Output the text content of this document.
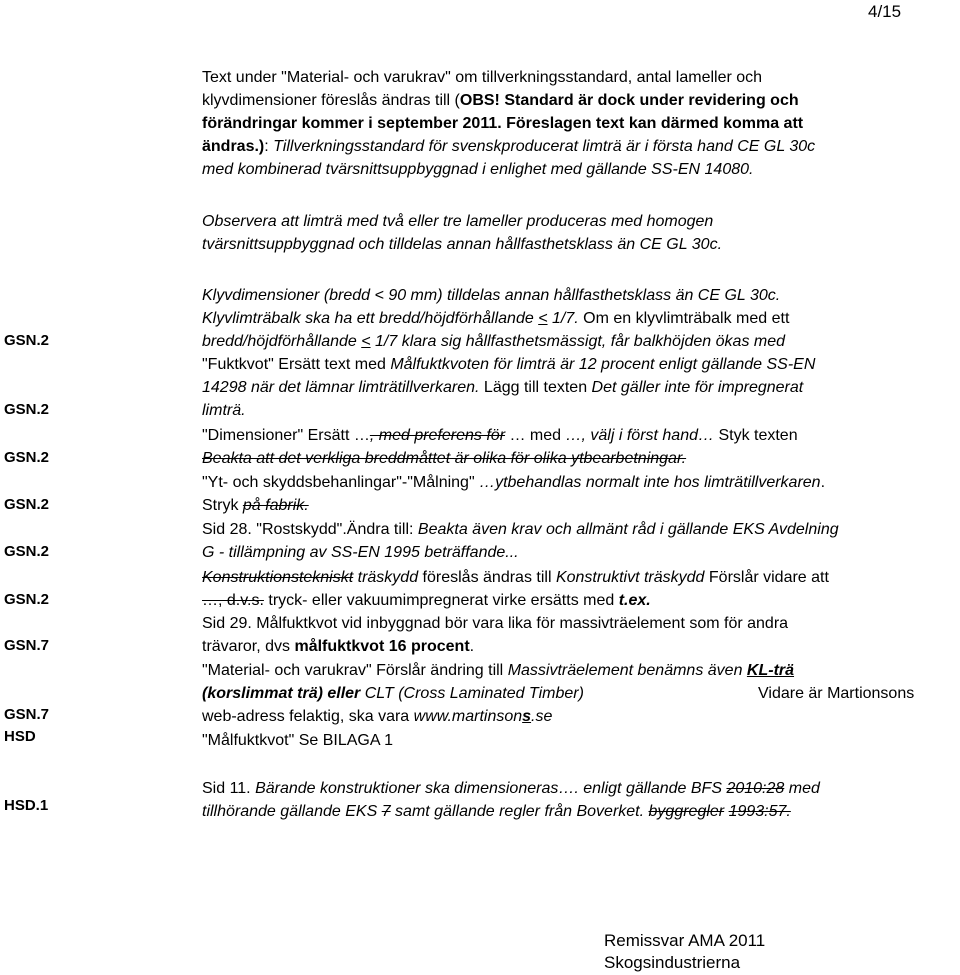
4/15
GSN.2
GSN.2
GSN.2
GSN.2
GSN.2
GSN.2
GSN.7
GSN.7
HSD
HSD.1
Text under "Material- och varukrav" om tillverkningsstandard, antal lameller och
klyvdimensioner föreslås ändras till (OBS! Standard är dock under revidering och
förändringar kommer i september 2011. Föreslagen text kan därmed komma att
ändras.): Tillverkningsstandard för svenskproducerat limträ är i första hand CE GL 30c
med kombinerad tvärsnittsuppbyggnad i enlighet med gällande SS-EN 14080.
Observera att limträ med två eller tre lameller produceras med homogen
tvärsnittsuppbyggnad och tilldelas annan hållfasthetsklass än CE GL 30c.
Klyvdimensioner (bredd < 90 mm) tilldelas annan hållfasthetsklass än CE GL 30c.
Klyvlimträbalk ska ha ett bredd/höjdförhållande < 1/7. Om en klyvlimträbalk med ett
bredd/höjdförhållande < 1/7 klara sig hållfasthetsmässigt, får balkhöjden ökas med
"Fuktkvot" Ersätt text med Målfuktkvoten för limträ är 12 procent enligt gällande SS-EN
14298 när det lämnar limträtillverkaren. Lägg till texten Det gäller inte för impregnerat
limträ.
"Dimensioner" Ersätt …, med preferens för … med …, välj i först hand… Styk texten
Beakta att det verkliga breddmåttet är olika för olika ytbearbetningar.
"Yt- och skyddsbehanlingar"-"Målning" …ytbehandlas normalt inte hos limträtillverkaren.
Stryk på fabrik.
Sid 28. "Rostskydd".Ändra till: Beakta även krav och allmänt råd i gällande EKS Avdelning
G - tillämpning av SS-EN 1995 beträffande...
Konstruktionstekniskt träskydd föreslås ändras till Konstruktivt träskydd Förslår vidare att
…, d.v.s. tryck- eller vakuumimpregnerat virke ersätts med t.ex.
Sid 29. Målfuktkvot vid inbyggnad bör vara lika för massivträelement som för andra
trävaror, dvs målfuktkvot 16 procent.
"Material- och varukrav" Förslår ändring till Massivträelement benämns även KL-trä
(korslimmat trä) eller CLT (Cross Laminated Timber)	Vidare är Martionsons
web-adress felaktig, ska vara www.martinsons.se
"Målfuktkvot" Se BILAGA 1
Sid 11. Bärande konstruktioner ska dimensioneras…. enligt gällande BFS 2010:28 med
tillhörande gällande EKS 7 samt gällande regler från Boverket. byggregler 1993:57.
Remissvar AMA 2011
Skogsindustrierna
